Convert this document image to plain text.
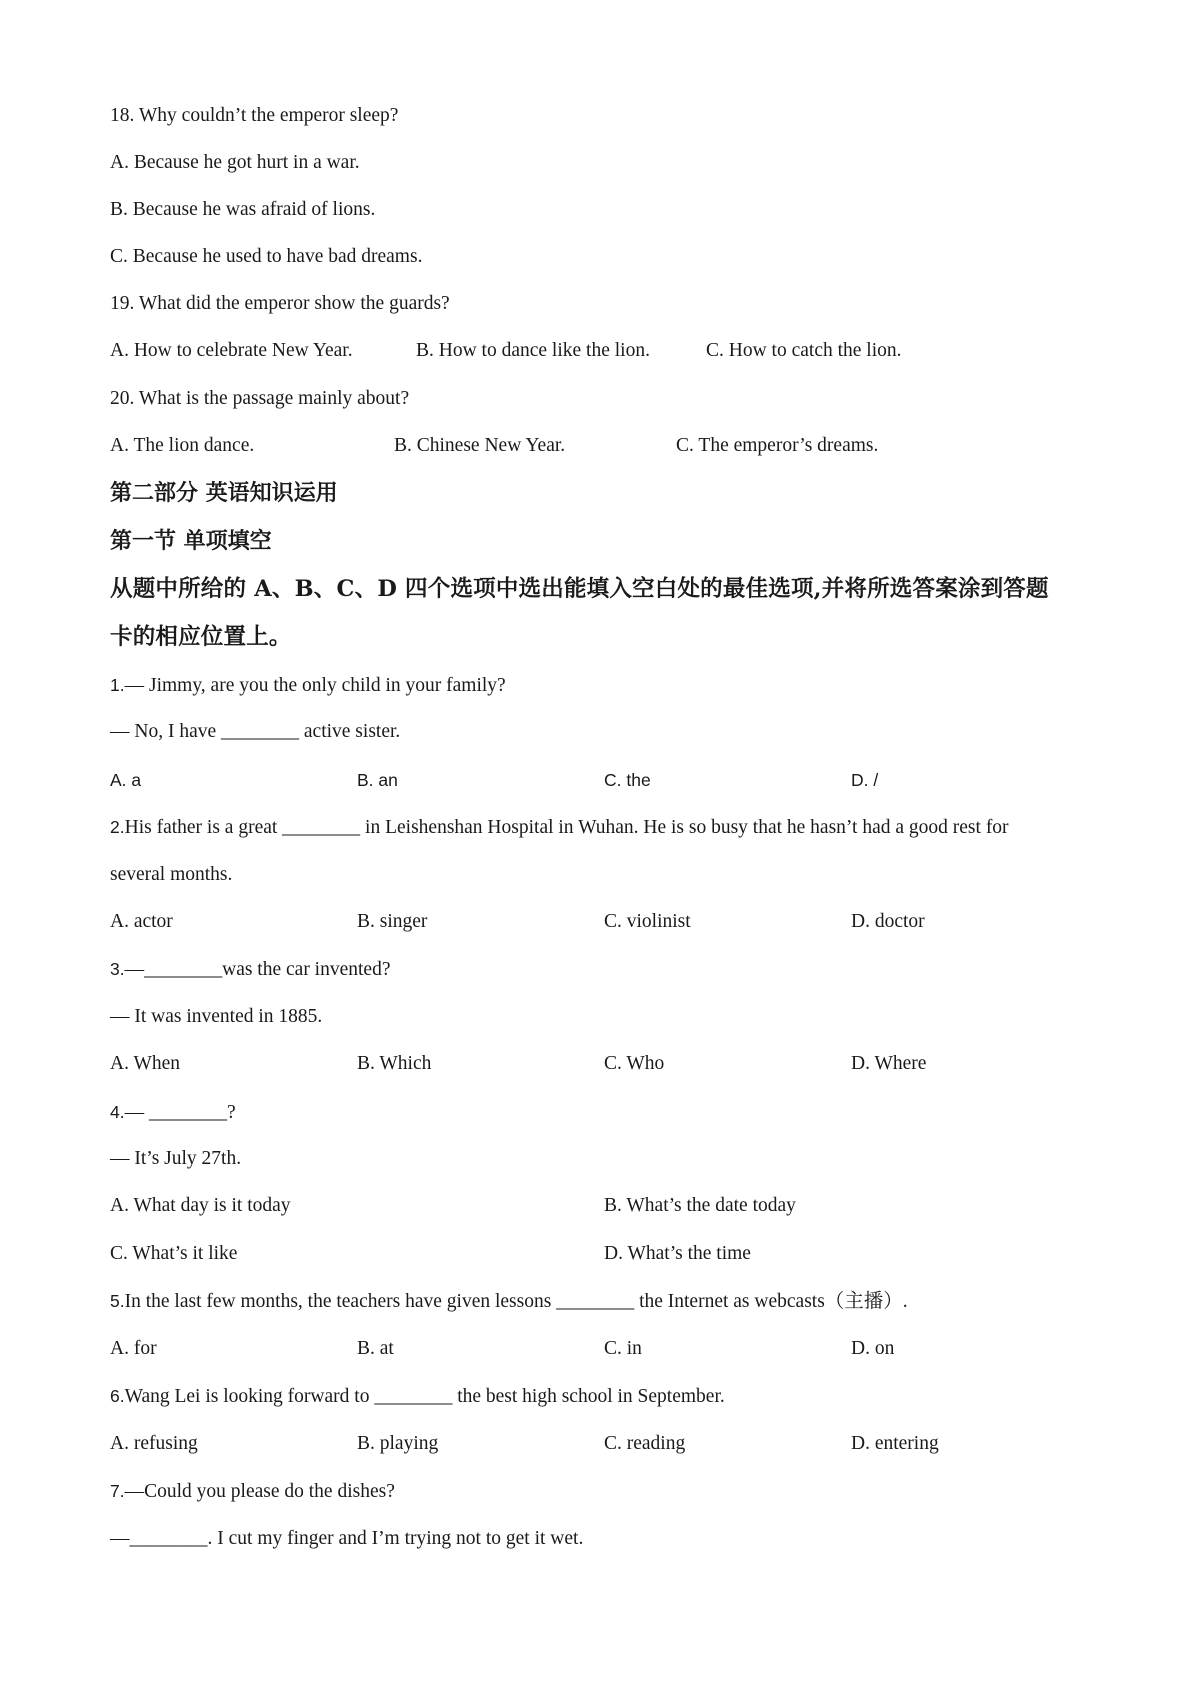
18. Why couldn’t the emperor sleep?
A. Because he got hurt in a war.
B. Because he was afraid of lions.
C. Because he used to have bad dreams.
19. What did the emperor show the guards?
A. How to celebrate New Year.	B. How to dance like the lion.	C. How to catch the lion.
20. What is the passage mainly about?
A. The lion dance.	B. Chinese New Year.	C. The emperor’s dreams.
第二部分 英语知识运用
第一节 单项填空
从题中所给的 A、B、C、D 四个选项中选出能填入空白处的最佳选项,并将所选答案涂到答题
卡的相应位置上。
1.— Jimmy, are you the only child in your family?
— No, I have ________ active sister.
A. a	B. an	C. the	D. /
2.His father is a great ________ in Leishenshan Hospital in Wuhan. He is so busy that he hasn’t had a good rest for
several months.
A. actor	B. singer	C. violinist	D. doctor
3.—________was the car invented?
— It was invented in 1885.
A. When	B. Which	C. Who	D. Where
4.— ________?
— It’s July 27th.
A. What day is it today	B. What’s the date today
C. What’s it like	D. What’s the time
5.In the last few months, the teachers have given lessons ________ the Internet as webcasts（主播）.
A. for	B. at	C. in	D. on
6.Wang Lei is looking forward to ________ the best high school in September.
A. refusing	B. playing	C. reading	D. entering
7.—Could you please do the dishes?
—________. I cut my finger and I’m trying not to get it wet.
